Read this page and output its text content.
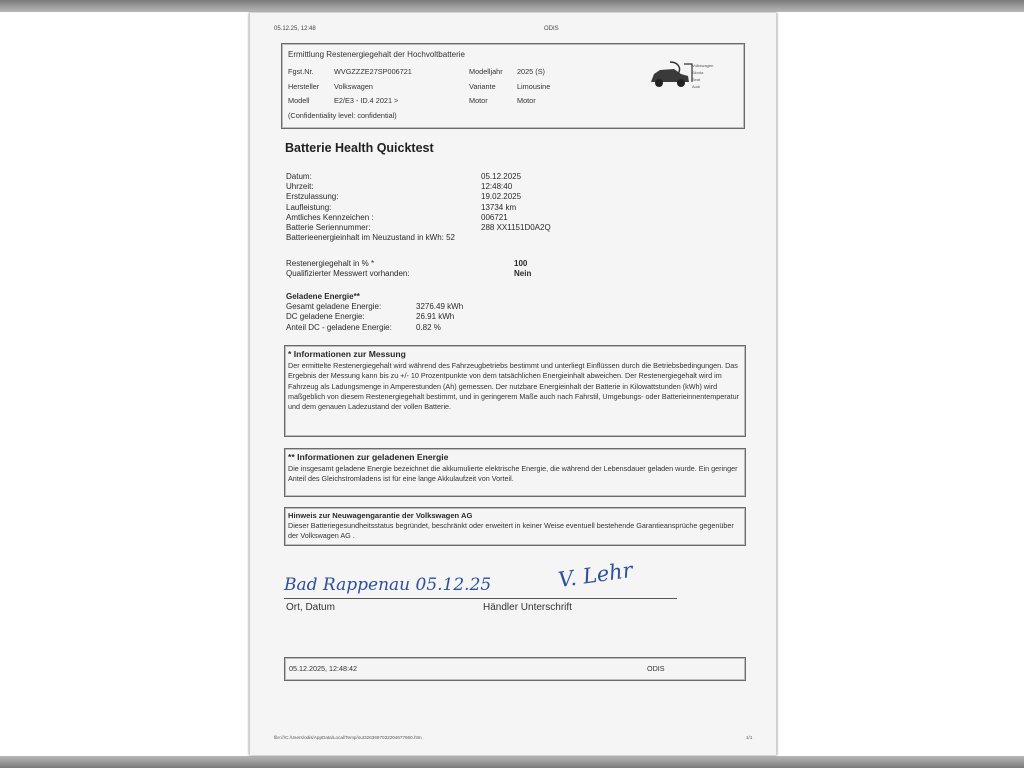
05.12.25, 12:48	ODIS
Ermittlung Restenergiegehalt der Hochvoltbatterie
Fgst.Nr.	WVGZZZE27SP006721	Modelljahr	2025 (S)
Hersteller	Volkswagen	Variante	Limousine
Modell	E2/E3 - ID.4 2021 >	Motor	Motor
(Confidentiality level: confidential)
Volkswagen
Skoda
Seat
Audi
Batterie Health Quicktest
Datum:	05.12.2025
Uhrzeit:	12:48:40
Erstzulassung:	19.02.2025
Laufleistung:	13734 km
Amtliches Kennzeichen :	006721
Batterie Seriennummer:	288 XX1151D0A2Q
Batterieenergieinhalt im Neuzustand in kWh: 52
Restenergiegehalt in % *	100
Qualifizierter Messwert vorhanden:	Nein
Geladene Energie**
Gesamt geladene Energie:	3276.49 kWh
DC geladene Energie:	26.91 kWh
Anteil DC - geladene Energie:	0.82 %
* Informationen zur Messung
Der ermittelte Restenergiegehalt wird während des Fahrzeugbetriebs bestimmt und unterliegt Einflüssen durch die Betriebsbedingungen. Das Ergebnis der Messung kann bis zu +/- 10 Prozentpunkte von dem tatsächlichen Energieinhalt abweichen. Der Restenergiegehalt wird im Fahrzeug als Ladungsmenge in Amperestunden (Ah) gemessen. Der nutzbare Energieinhalt der Batterie in Kilowattstunden (kWh) wird maßgeblich von diesem Restenergiegehalt bestimmt, und in geringerem Maße auch nach Fahrstil, Umgebungs- oder Batterieinnentemperatur und dem genauen Ladezustand der vollen Batterie.
** Informationen zur geladenen Energie
Die insgesamt geladene Energie bezeichnet die akkumulierte elektrische Energie, die während der Lebensdauer geladen wurde. Ein geringer Anteil des Gleichstromladens ist für eine lange Akkulaufzeit von Vorteil.
Hinweis zur Neuwagengarantie der Volkswagen AG
Dieser Batteriegesundheitsstatus begründet, beschränkt oder erweitert in keiner Weise eventuell bestehende Garantieansprüche gegenüber der Volkswagen AG .
Bad Rappenau 05.12.25	V. Lehr
Ort, Datum	Händler Unterschrift
05.12.2025, 12:48:42	ODIS
file:///C:/Users/odis/AppData/Local/Temp/out3263697032204677660.htm	1/1
